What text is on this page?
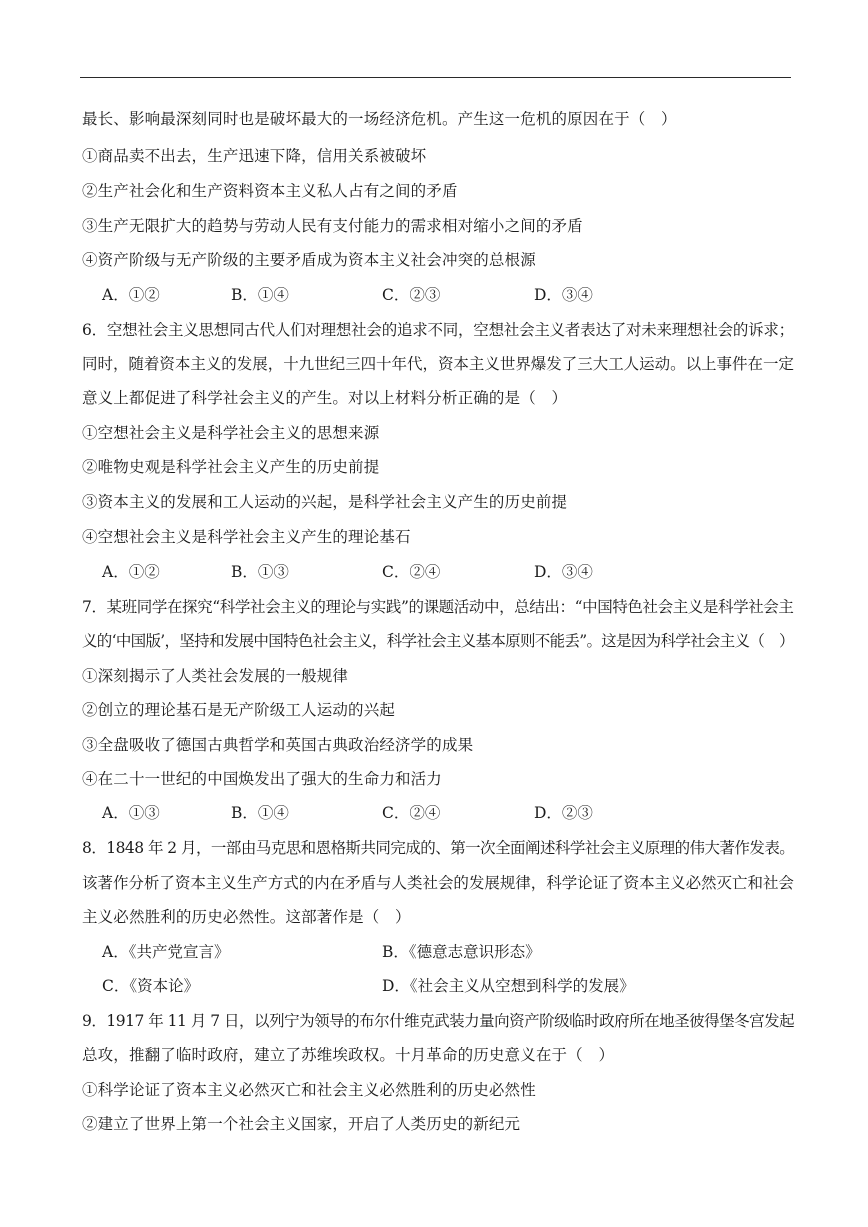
最长、影响最深刻同时也是破坏最大的一场经济危机。产生这一危机的原因在于（　）
①商品卖不出去，生产迅速下降，信用关系被破坏
②生产社会化和生产资料资本主义私人占有之间的矛盾
③生产无限扩大的趋势与劳动人民有支付能力的需求相对缩小之间的矛盾
④资产阶级与无产阶级的主要矛盾成为资本主义社会冲突的总根源
A．①②	B．①④	C．②③	D．③④
6．空想社会主义思想同古代人们对理想社会的追求不同，空想社会主义者表达了对未来理想社会的诉求；
同时，随着资本主义的发展，十九世纪三四十年代，资本主义世界爆发了三大工人运动。以上事件在一定
意义上都促进了科学社会主义的产生。对以上材料分析正确的是（　）
①空想社会主义是科学社会主义的思想来源
②唯物史观是科学社会主义产生的历史前提
③资本主义的发展和工人运动的兴起，是科学社会主义产生的历史前提
④空想社会主义是科学社会主义产生的理论基石
A．①②	B．①③	C．②④	D．③④
7．某班同学在探究“科学社会主义的理论与实践”的课题活动中，总结出：“中国特色社会主义是科学社会主
义的‘中国版’，坚持和发展中国特色社会主义，科学社会主义基本原则不能丢”。这是因为科学社会主义（　）
①深刻揭示了人类社会发展的一般规律
②创立的理论基石是无产阶级工人运动的兴起
③全盘吸收了德国古典哲学和英国古典政治经济学的成果
④在二十一世纪的中国焕发出了强大的生命力和活力
A．①③	B．①④	C．②④	D．②③
8．1848 年 2 月，一部由马克思和恩格斯共同完成的、第一次全面阐述科学社会主义原理的伟大著作发表。
该著作分析了资本主义生产方式的内在矛盾与人类社会的发展规律，科学论证了资本主义必然灭亡和社会
主义必然胜利的历史必然性。这部著作是（　）
A．《共产党宣言》	B．《德意志意识形态》
C．《资本论》	D．《社会主义从空想到科学的发展》
9．1917 年 11 月 7 日，以列宁为领导的布尔什维克武装力量向资产阶级临时政府所在地圣彼得堡冬宫发起
总攻，推翻了临时政府，建立了苏维埃政权。十月革命的历史意义在于（　）
①科学论证了资本主义必然灭亡和社会主义必然胜利的历史必然性
②建立了世界上第一个社会主义国家，开启了人类历史的新纪元
